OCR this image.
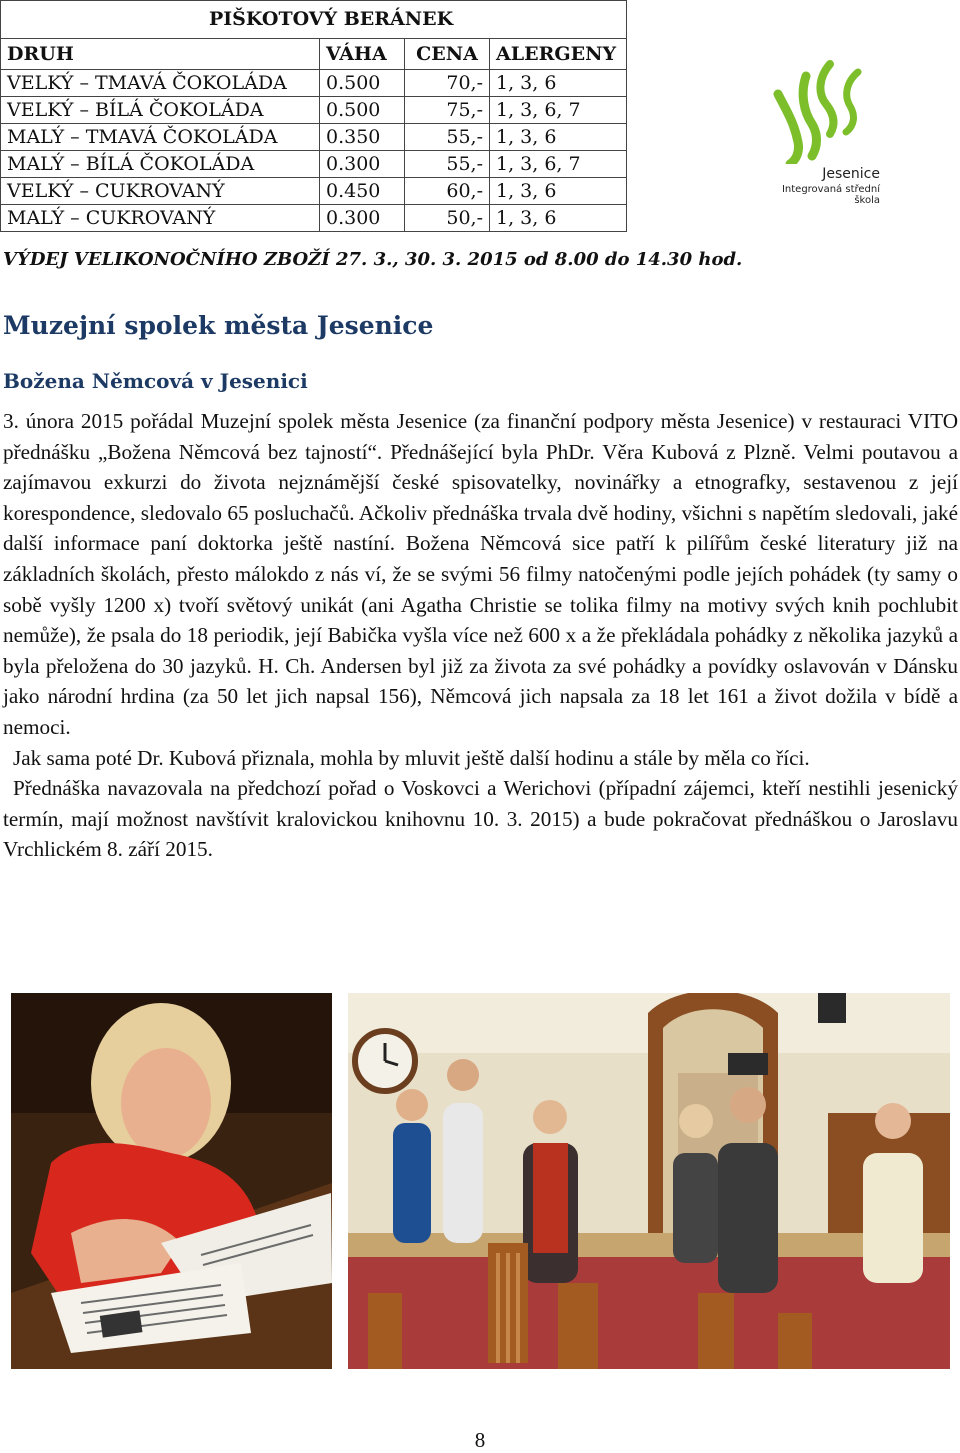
PIŠKOTOVÝ BERÁNEK			
DRUH	VÁHA	CENA	ALERGENY
VELKÝ – TMAVÁ ČOKOLÁDA	0.500	70,-	1, 3, 6
VELKÝ – BÍLÁ ČOKOLÁDA	0.500	75,-	1, 3, 6, 7
MALÝ – TMAVÁ ČOKOLÁDA	0.350	55,-	1, 3, 6
MALÝ – BÍLÁ ČOKOLÁDA	0.300	55,-	1, 3, 6, 7
VELKÝ – CUKROVANÝ	0.450	60,-	1, 3, 6
MALÝ – CUKROVANÝ	0.300	50,-	1, 3, 6
VÝDEJ VELIKONOČNÍHO ZBOŽÍ 27. 3., 30. 3. 2015 od 8.00 do 14.30 hod.
Jesenice
Integrovaná střední škola
Muzejní spolek města Jesenice
Božena Němcová v Jesenici

3. února 2015 pořádal Muzejní spolek města Jesenice (za finanční podpory města Jesenice) v restauraci VITO přednášku „Božena Němcová bez tajností“. Přednášející byla PhDr. Věra Kubová z Plzně. Velmi poutavou a zajímavou exkurzi do života nejznámější české spisovatelky, novinářky a etnografky, sestavenou z její korespondence, sledovalo 65 posluchačů. Ačkoliv přednáška trvala dvě hodiny, všichni s napětím sledovali, jaké další informace paní doktorka ještě nastíní. Božena Němcová sice patří k pilířům české literatury již na základních školách, přesto málokdo z nás ví, že se svými 56 filmy natočenými podle jejích pohádek (ty samy o sobě vyšly 1200 x) tvoří světový unikát (ani Agatha Christie se tolika filmy na motivy svých knih pochlubit nemůže), že psala do 18 periodik, její Babička vyšla více než 600 x a že překládala pohádky z několika jazyků a byla přeložena do 30 jazyků. H. Ch. Andersen byl již za života za své pohádky a povídky oslavován v Dánsku jako národní hrdina (za 50 let jich napsal 156), Němcová jich napsala za 18 let 161 a život dožila v bídě a nemoci.

Jak sama poté Dr. Kubová přiznala, mohla by mluvit ještě další hodinu a stále by měla co říci.

Přednáška navazovala na předchozí pořad o Voskovci a Werichovi (případní zájemci, kteří nestihli jesenický termín, mají možnost navštívit kralovickou knihovnu 10. 3. 2015) a bude pokračovat přednáškou o Jaroslavu Vrchlickém 8. září 2015.

8
